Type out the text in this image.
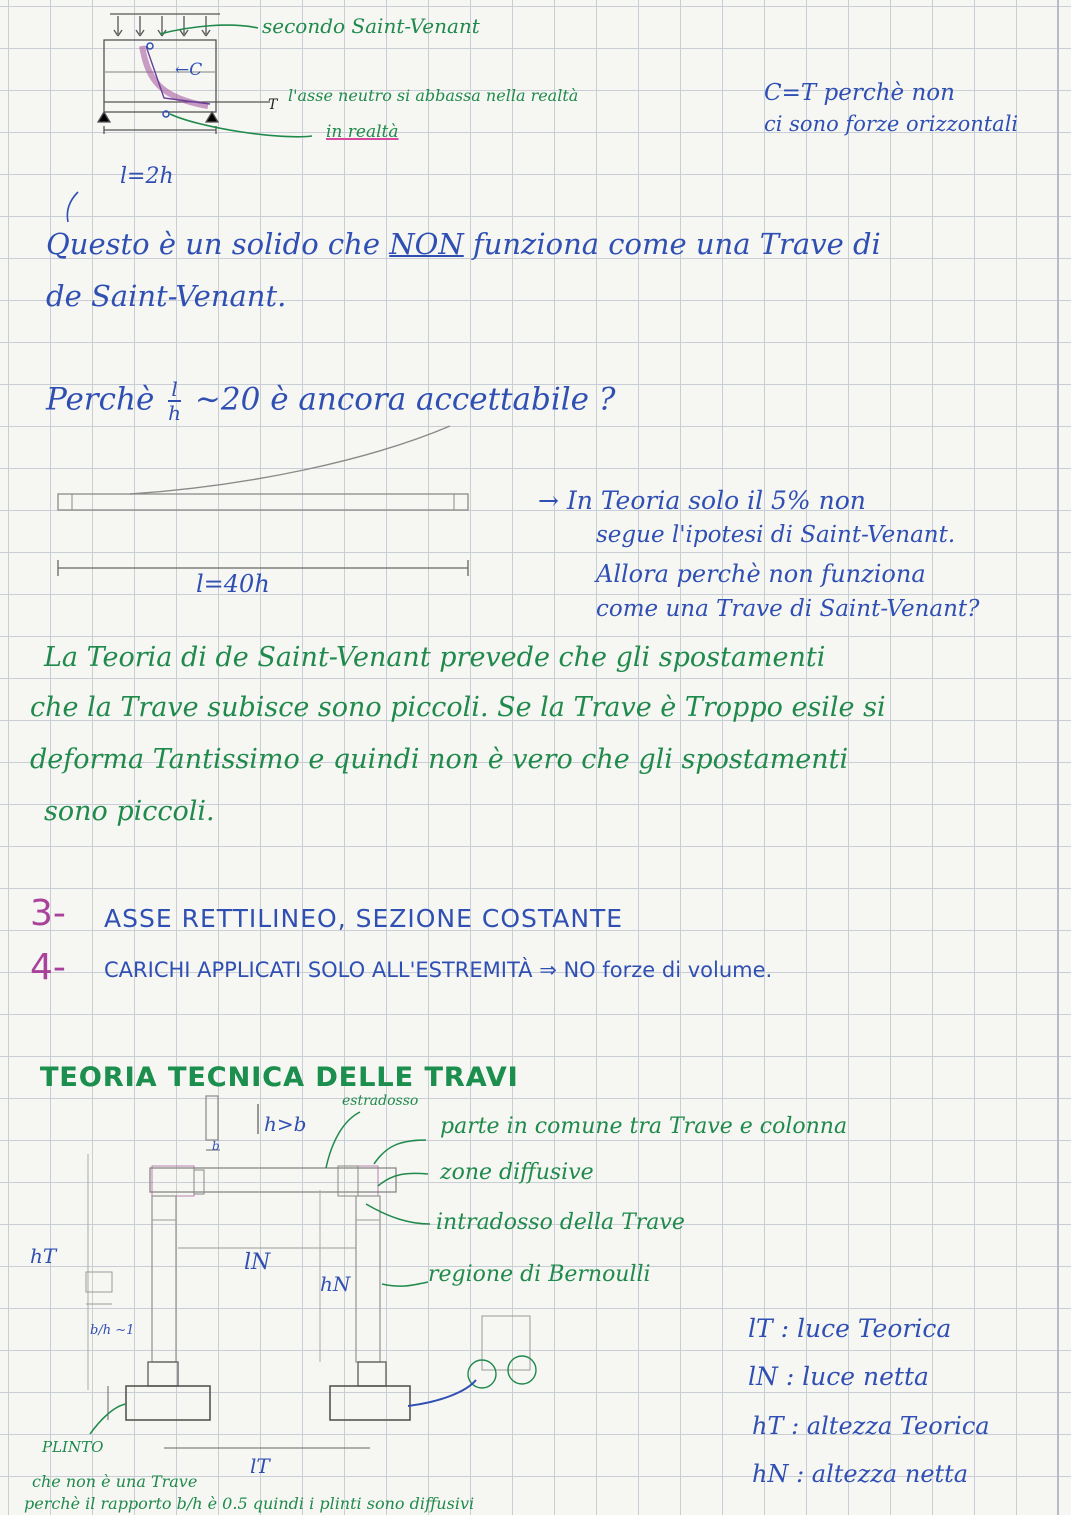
secondo Saint-Venant
←C
T l'asse neutro si abbassa nella realtà
in realtà
l=2h
C=T perchè non
ci sono forze orizzontali
Questo è un solido che NON funziona come una Trave di
de Saint-Venant.
Perchè $\frac{l}{h}$ ∼20 è ancora accettabile ?
l=40h
→ In Teoria solo il 5% non
segue l'ipotesi di Saint-Venant.
Allora perchè non funziona
come una Trave di Saint-Venant?
La Teoria di de Saint-Venant prevede che gli spostamenti
che la Trave subisce sono piccoli. Se la Trave è Troppo esile si
deforma Tantissimo e quindi non è vero che gli spostamenti
sono piccoli.
3- ASSE RETTILINEO, SEZIONE COSTANTE
4- CARICHI APPLICATI SOLO ALL'ESTREMITÀ ⇒ NO forze di volume.
TEORIA TECNICA DELLE TRAVI
estradosso
h>b
b
parte in comune tra Trave e colonna
zone diffusive
intradosso della Trave
lN
hN	regione di Bernoulli
hT
b/h ∼1
lT
PLINTO
che non è una Trave
perchè il rapporto b/h è 0.5 quindi i plinti sono diffusivi
lT : luce Teorica
lN : luce netta
hT : altezza Teorica
hN : altezza netta
